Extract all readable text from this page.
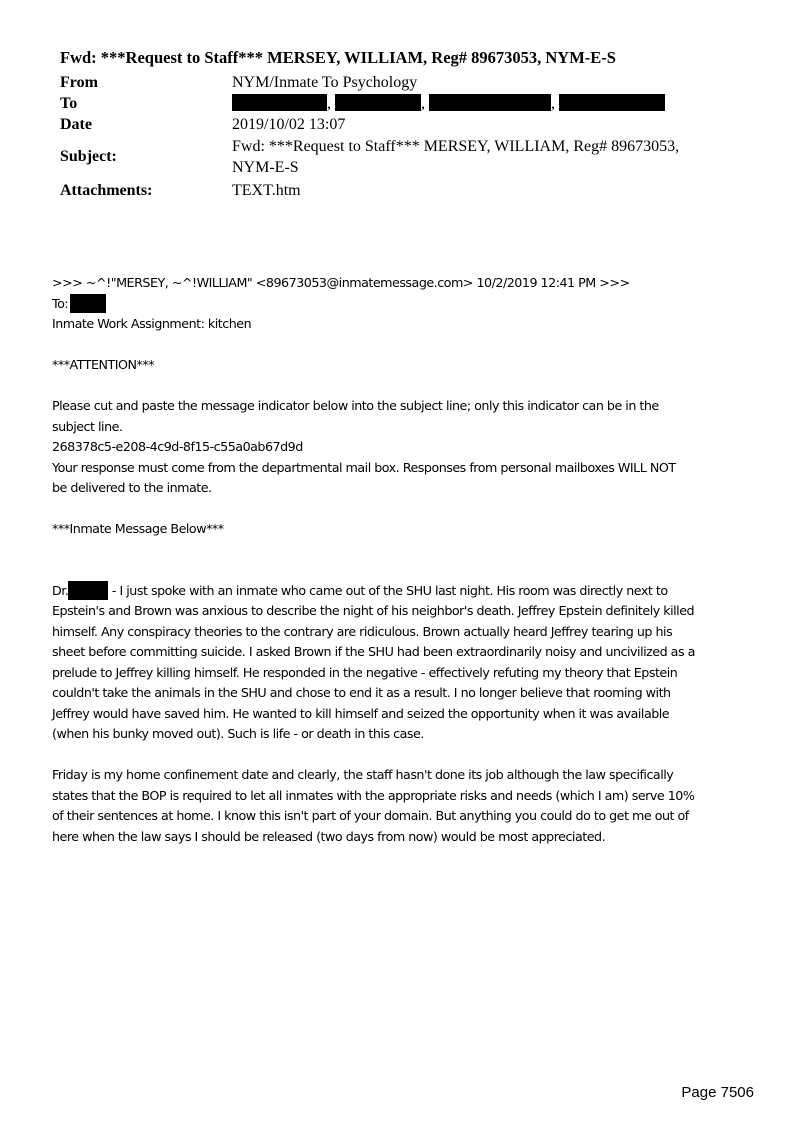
Fwd: ***Request to Staff*** MERSEY, WILLIAM, Reg# 89673053, NYM-E-S
From	NYM/Inmate To Psychology
To	,	,	,
Date	2019/10/02 13:07
Subject:
Fwd: ***Request to Staff*** MERSEY, WILLIAM, Reg# 89673053,
NYM-E-S
Attachments:	TEXT.htm

>>> ~^!"MERSEY, ~^!WILLIAM" <89673053@inmatemessage.com> 10/2/2019 12:41 PM >>>

To:

Inmate Work Assignment: kitchen

***ATTENTION***

Please cut and paste the message indicator below into the subject line; only this indicator can be in the

subject line.

268378c5-e208-4c9d-8f15-c55a0ab67d9d

Your response must come from the departmental mail box. Responses from personal mailboxes WILL NOT

be delivered to the inmate.

***Inmate Message Below***

Dr.	- I just spoke with an inmate who came out of the SHU last night. His room was directly next to

Epstein's and Brown was anxious to describe the night of his neighbor's death. Jeffrey Epstein definitely killed

himself. Any conspiracy theories to the contrary are ridiculous. Brown actually heard Jeffrey tearing up his

sheet before committing suicide. I asked Brown if the SHU had been extraordinarily noisy and uncivilized as a

prelude to Jeffrey killing himself. He responded in the negative - effectively refuting my theory that Epstein

couldn't take the animals in the SHU and chose to end it as a result. I no longer believe that rooming with

Jeffrey would have saved him. He wanted to kill himself and seized the opportunity when it was available

(when his bunky moved out). Such is life - or death in this case.

Friday is my home confinement date and clearly, the staff hasn't done its job although the law specifically

states that the BOP is required to let all inmates with the appropriate risks and needs (which I am) serve 10%

of their sentences at home. I know this isn't part of your domain. But anything you could do to get me out of

here when the law says I should be released (two days from now) would be most appreciated.

Page 7506
